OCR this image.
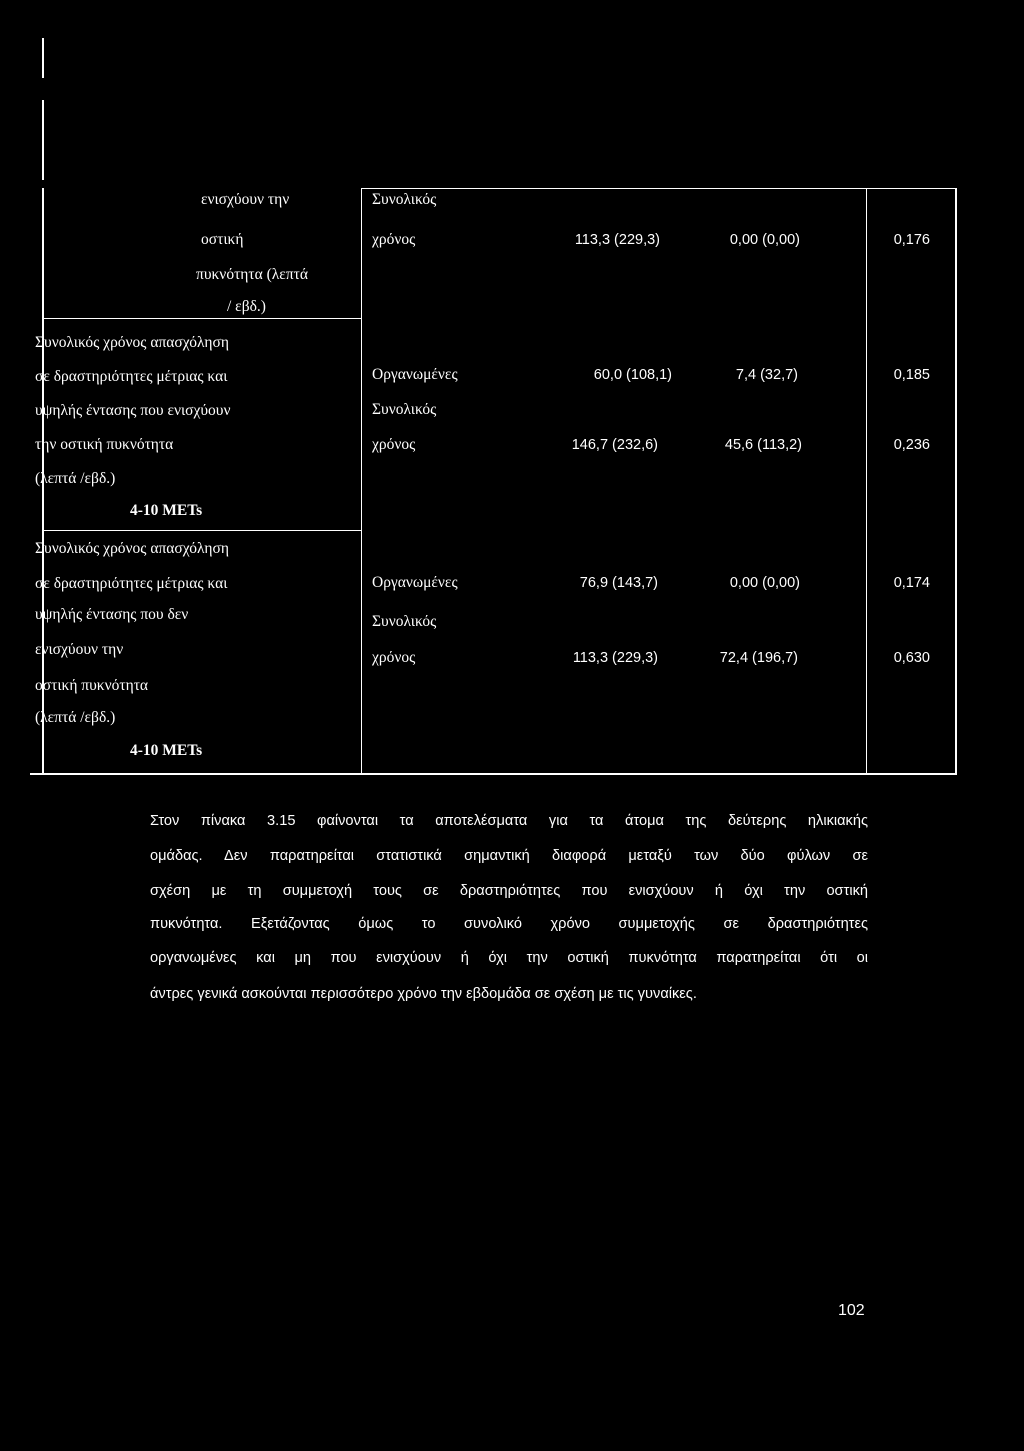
ενισχύουν την
οστική
πυκνότητα (λεπτά
/ εβδ.)
Συνολικός
χρόνος	113,3 (229,3)	0,00 (0,00)	0,176
Συνολικός χρόνος απασχόληση
σε δραστηριότητες μέτριας και
υψηλής έντασης που ενισχύουν
την οστική πυκνότητα
(λεπτά /εβδ.)
4-10 METs
Οργανωμένες	60,0 (108,1)	7,4 (32,7)	0,185
Συνολικός
χρόνος	146,7 (232,6)	45,6 (113,2)	0,236
Συνολικός χρόνος απασχόληση
σε δραστηριότητες μέτριας και
υψηλής έντασης που δεν
ενισχύουν την
οστική πυκνότητα
(λεπτά /εβδ.)
4-10 METs
Οργανωμένες	76,9 (143,7)	0,00 (0,00)	0,174
Συνολικός
χρόνος	113,3 (229,3)	72,4 (196,7)	0,630
Στον πίνακα 3.15 φαίνονται τα αποτελέσματα για τα άτομα της δεύτερης ηλικιακής
ομάδας. Δεν παρατηρείται στατιστικά σημαντική διαφορά μεταξύ των δύο φύλων σε
σχέση με τη συμμετοχή τους σε δραστηριότητες που ενισχύουν ή όχι την οστική
πυκνότητα. Εξετάζοντας όμως το συνολικό χρόνο συμμετοχής σε δραστηριότητες
οργανωμένες και μη που ενισχύουν ή όχι την οστική πυκνότητα παρατηρείται ότι οι
άντρες γενικά ασκούνται περισσότερο χρόνο την εβδομάδα σε σχέση με τις γυναίκες.
102
